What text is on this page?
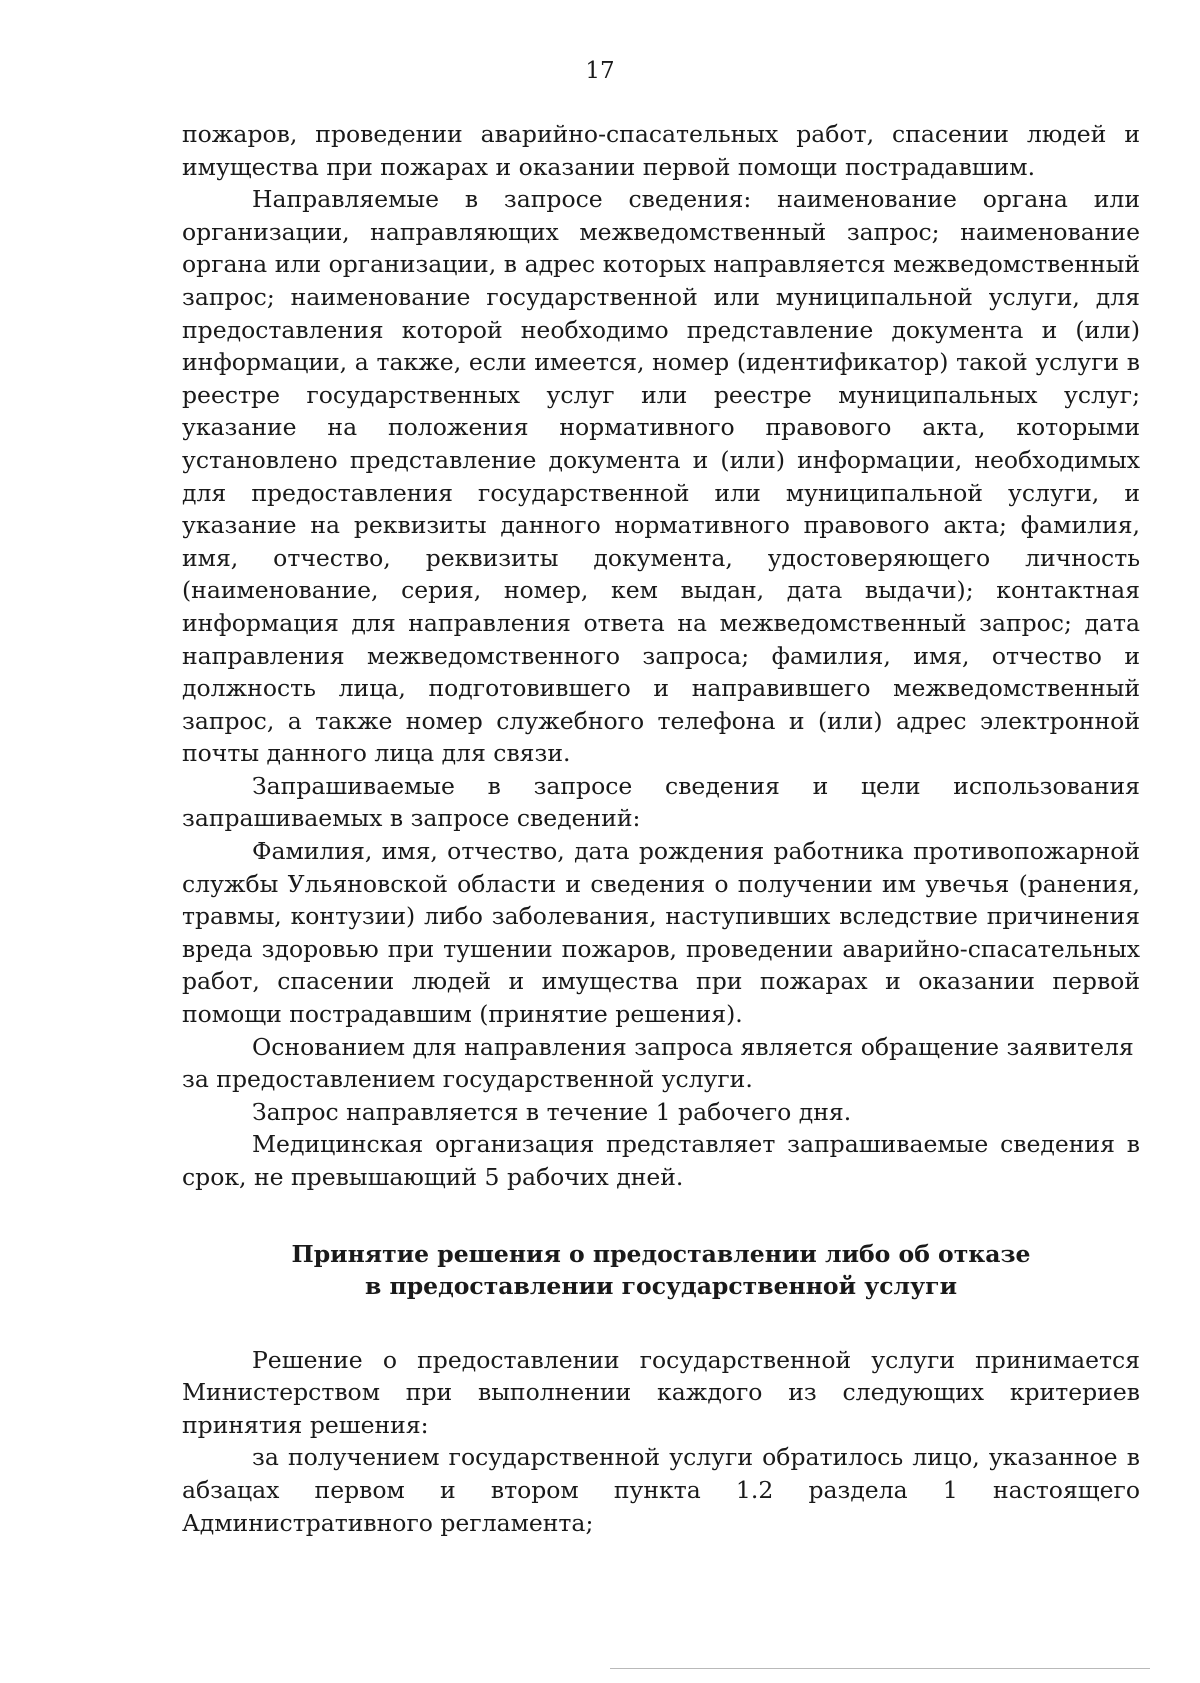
17

пожаров, проведении аварийно-спасательных работ, спасении людей и имущества при пожарах и оказании первой помощи пострадавшим.

Направляемые в запросе сведения: наименование органа или организации, направляющих межведомственный запрос; наименование органа или организации, в адрес которых направляется межведомственный запрос; наименование государственной или муниципальной услуги, для предоставления которой необходимо представление документа и (или) информации, а также, если имеется, номер (идентификатор) такой услуги в реестре государственных услуг или реестре муниципальных услуг; указание на положения нормативного правового акта, которыми установлено представление документа и (или) информации, необходимых для предоставления государственной или муниципальной услуги, и указание на реквизиты данного нормативного правового акта; фамилия, имя, отчество, реквизиты документа, удостоверяющего личность (наименование, серия, номер, кем выдан, дата выдачи); контактная информация для направления ответа на межведомственный запрос; дата направления межведомственного запроса; фамилия, имя, отчество и должность лица, подготовившего и направившего межведомственный запрос, а также номер служебного телефона и (или) адрес электронной почты данного лица для связи.

Запрашиваемые в запросе сведения и цели использования запрашиваемых в запросе сведений:

Фамилия, имя, отчество, дата рождения работника противопожарной службы Ульяновской области и сведения о получении им увечья (ранения, травмы, контузии) либо заболевания, наступивших вследствие причинения вреда здоровью при тушении пожаров, проведении аварийно-спасательных работ, спасении людей и имущества при пожарах и оказании первой помощи пострадавшим (принятие решения).

Основанием для направления запроса является обращение заявителя

за предоставлением государственной услуги.

Запрос направляется в течение 1 рабочего дня.

Медицинская организация представляет запрашиваемые сведения в срок, не превышающий 5 рабочих дней.

Принятие решения о предоставлении либо об отказе
в предоставлении государственной услуги

Решение о предоставлении государственной услуги принимается Министерством при выполнении каждого из следующих критериев принятия решения:

за получением государственной услуги обратилось лицо, указанное в абзацах первом и втором пункта 1.2 раздела 1 настоящего Административного регламента;
